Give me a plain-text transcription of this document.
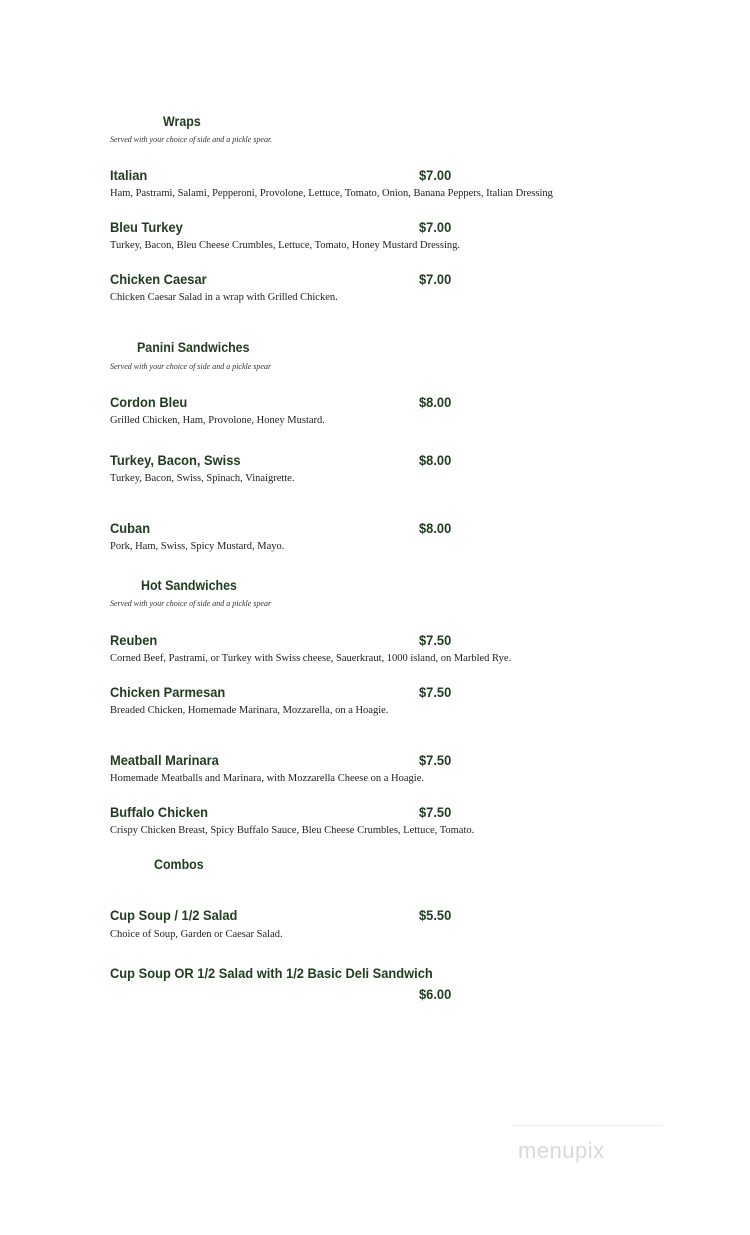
Wraps
Served with your choice of side and a pickle spear.
Italian	$7.00
Ham, Pastrami, Salami, Pepperoni, Provolone, Lettuce, Tomato, Onion, Banana Peppers, Italian Dressing
Bleu Turkey	$7.00
Turkey, Bacon, Bleu Cheese Crumbles, Lettuce, Tomato, Honey Mustard Dressing.
Chicken Caesar	$7.00
Chicken Caesar Salad in a wrap with Grilled Chicken.
Panini Sandwiches
Served with your choice of side and a pickle spear
Cordon Bleu	$8.00
Grilled Chicken, Ham, Provolone, Honey Mustard.
Turkey, Bacon, Swiss	$8.00
Turkey, Bacon, Swiss, Spinach, Vinaigrette.
Cuban	$8.00
Pork, Ham, Swiss, Spicy Mustard, Mayo.
Hot Sandwiches
Served with your choice of side and a pickle spear
Reuben	$7.50
Corned Beef, Pastrami, or Turkey with Swiss cheese, Sauerkraut, 1000 island, on Marbled Rye.
Chicken Parmesan	$7.50
Breaded Chicken, Homemade Marinara, Mozzarella, on a Hoagie.
Meatball Marinara	$7.50
Homemade Meatballs and Marinara, with Mozzarella Cheese on a Hoagie.
Buffalo Chicken	$7.50
Crispy Chicken Breast, Spicy Buffalo Sauce, Bleu Cheese Crumbles, Lettuce, Tomato.
Combos
Cup Soup / 1/2 Salad	$5.50
Choice of Soup, Garden or Caesar Salad.
Cup Soup OR 1/2 Salad with 1/2 Basic Deli Sandwich
$6.00
menupix
